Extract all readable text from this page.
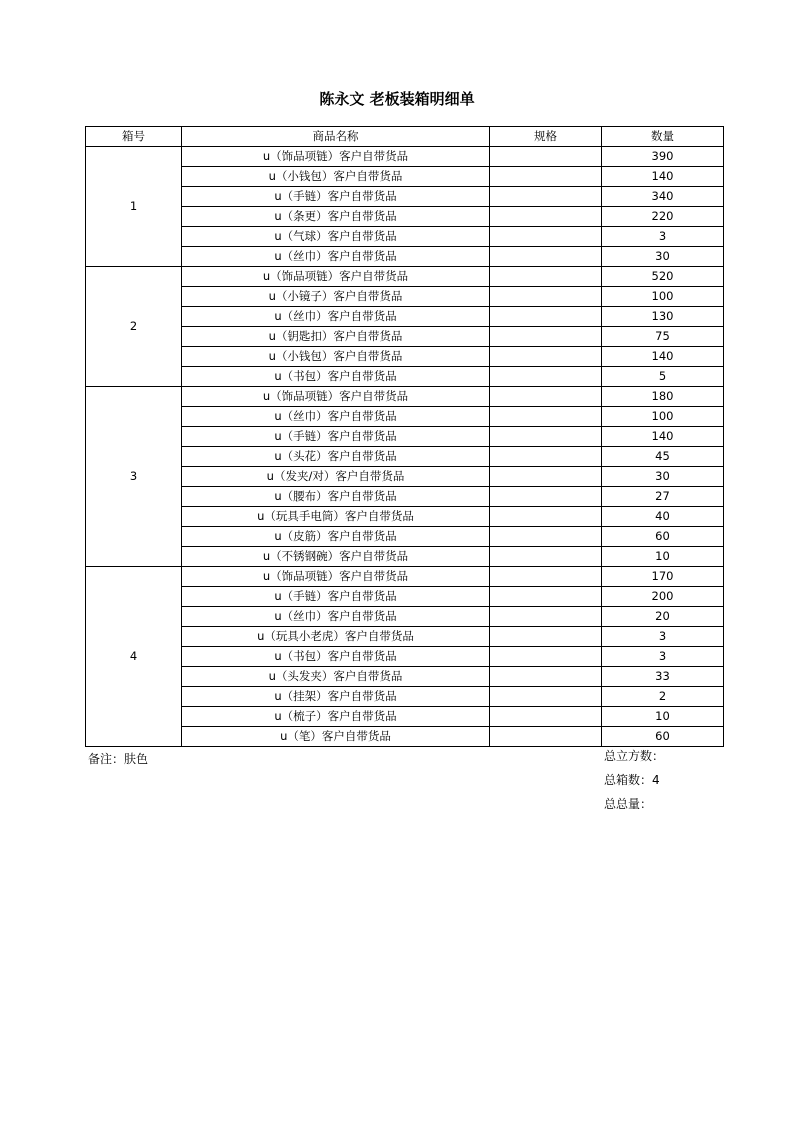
陈永文 老板装箱明细单
箱号	商品名称	规格	数量
1	u（饰品项链）客户自带货品		390
	u（小钱包）客户自带货品		140
	u（手链）客户自带货品		340
	u（条更）客户自带货品		220
	u（气球）客户自带货品		3
	u（丝巾）客户自带货品		30
2	u（饰品项链）客户自带货品		520
	u（小镜子）客户自带货品		100
	u（丝巾）客户自带货品		130
	u（钥匙扣）客户自带货品		75
	u（小钱包）客户自带货品		140
	u（书包）客户自带货品		5
3	u（饰品项链）客户自带货品		180
	u（丝巾）客户自带货品		100
	u（手链）客户自带货品		140
	u（头花）客户自带货品		45
	u（发夹/对）客户自带货品		30
	u（腰布）客户自带货品		27
	u（玩具手电筒）客户自带货品		40
	u（皮筋）客户自带货品		60
	u（不锈钢碗）客户自带货品		10
4	u（饰品项链）客户自带货品		170
	u（手链）客户自带货品		200
	u（丝巾）客户自带货品		20
	u（玩具小老虎）客户自带货品		3
	u（书包）客户自带货品		3
	u（头发夹）客户自带货品		33
	u（挂架）客户自带货品		2
	u（梳子）客户自带货品		10
	u（笔）客户自带货品		60
备注：肤色	总立方数：
总箱数：4
总总量：
